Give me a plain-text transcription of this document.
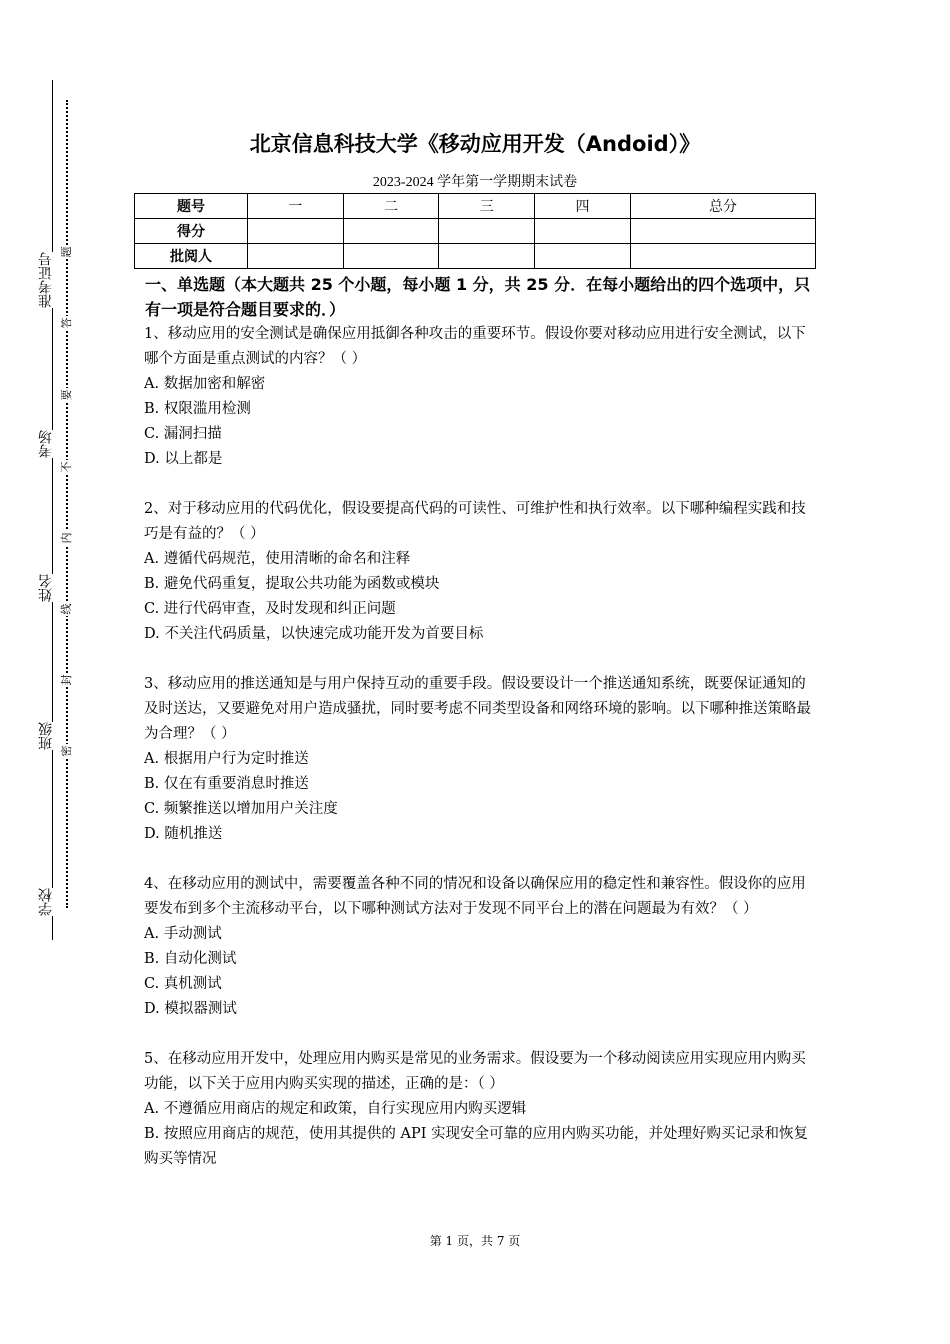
准考证号
考场
姓名
班级
学校
题
答
要
不
内
线
封
密
北京信息科技大学《移动应用开发（Andoid）》
2023-2024 学年第一学期期末试卷
题号	一	二	三	四	总分
得分					
批阅人					
一、单选题（本大题共 25 个小题，每小题 1 分，共 25 分．在每小题给出的四个选项中，只有一项是符合题目要求的．）

1、移动应用的安全测试是确保应用抵御各种攻击的重要环节。假设你要对移动应用进行安全测试，以下哪个方面是重点测试的内容？（ ）

A. 数据加密和解密

B. 权限滥用检测

C. 漏洞扫描

D. 以上都是

2、对于移动应用的代码优化，假设要提高代码的可读性、可维护性和执行效率。以下哪种编程实践和技巧是有益的？（ ）

A. 遵循代码规范，使用清晰的命名和注释

B. 避免代码重复，提取公共功能为函数或模块

C. 进行代码审查，及时发现和纠正问题

D. 不关注代码质量，以快速完成功能开发为首要目标

3、移动应用的推送通知是与用户保持互动的重要手段。假设要设计一个推送通知系统，既要保证通知的及时送达，又要避免对用户造成骚扰，同时要考虑不同类型设备和网络环境的影响。以下哪种推送策略最为合理？（ ）

A. 根据用户行为定时推送

B. 仅在有重要消息时推送

C. 频繁推送以增加用户关注度

D. 随机推送

4、在移动应用的测试中，需要覆盖各种不同的情况和设备以确保应用的稳定性和兼容性。假设你的应用要发布到多个主流移动平台，以下哪种测试方法对于发现不同平台上的潜在问题最为有效？（ ）

A. 手动测试

B. 自动化测试

C. 真机测试

D. 模拟器测试

5、在移动应用开发中，处理应用内购买是常见的业务需求。假设要为一个移动阅读应用实现应用内购买功能，以下关于应用内购买实现的描述，正确的是：（ ）

A. 不遵循应用商店的规定和政策，自行实现应用内购买逻辑

B. 按照应用商店的规范，使用其提供的 API 实现安全可靠的应用内购买功能，并处理好购买记录和恢复购买等情况

第 1 页，共 7 页
